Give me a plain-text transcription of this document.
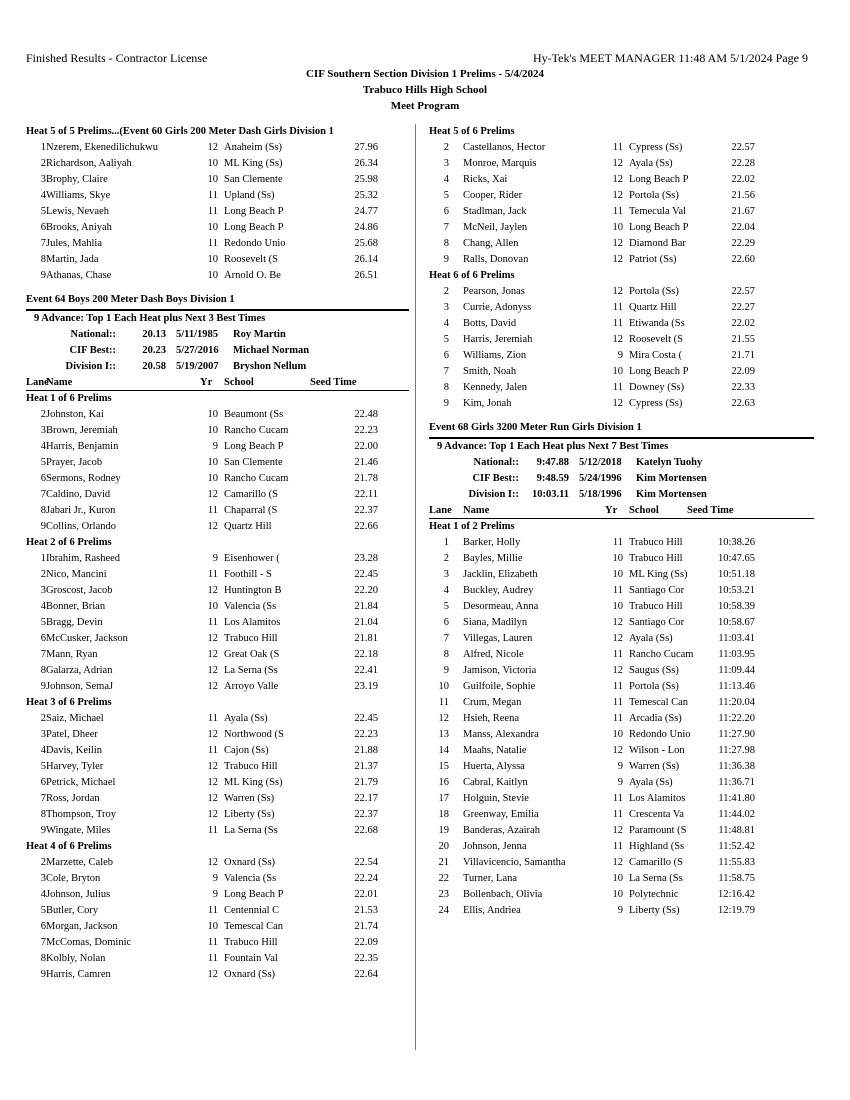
Finished Results - Contractor License	Hy-Tek's MEET MANAGER 11:48 AM 5/1/2024 Page 9
CIF Southern Section Division 1 Prelims - 5/4/2024
Trabuco Hills High School
Meet Program
Heat 5 of 5 Prelims...(Event 60 Girls 200 Meter Dash Girls Division 1
1 Nzerem, Ekenedilichukwu	12 Anaheim (Ss)	27.96
2 Richardson, Aaliyah	10 ML King (Ss)	26.34
3 Brophy, Claire	10 San Clemente	25.98
4 Williams, Skye	11 Upland (Ss)	25.32
5 Lewis, Nevaeh	11 Long Beach P	24.77
6 Brooks, Aniyah	10 Long Beach P	24.86
7 Jules, Mahlia	11 Redondo Unio	25.68
8 Martin, Jada	10 Roosevelt (S	26.14
9 Athanas, Chase	10 Arnold O. Be	26.51
Event 64 Boys 200 Meter Dash Boys Division 1
9 Advance: Top 1 Each Heat plus Next 3 Best Times
National::	20.13 5/11/1985 Roy Martin
CIF Best::	20.23 5/27/2016 Michael Norman
Division I::	20.58 5/19/2007 Bryshon Nellum
Lane
Name	Yr School	Seed Time
Heat 1 of 6 Prelims
2 Johnston, Kai	10 Beaumont (Ss	22.48
3 Brown, Jeremiah	10 Rancho Cucam	22.23
4 Harris, Benjamin	9 Long Beach P	22.00
5 Prayer, Jacob	10 San Clemente	21.46
6 Sermons, Rodney	10 Rancho Cucam	21.78
7 Caldino, David	12 Camarillo (S	22.11
8 Jabari Jr., Kuron	11 Chaparral (S	22.37
9 Collins, Orlando	12 Quartz Hill	22.66
Heat 2 of 6 Prelims
1 Ibrahim, Rasheed	9 Eisenhower (	23.28
2 Nico, Mancini	11 Foothill - S	22.45
3 Groscost, Jacob	12 Huntington B	22.20
4 Bonner, Brian	10 Valencia (Ss	21.84
5 Bragg, Devin	11 Los Alamitos	21.04
6 McCusker, Jackson	12 Trabuco Hill	21.81
7 Mann, Ryan	12 Great Oak (S	22.18
8 Galarza, Adrian	12 La Serna (Ss	22.41
9 Johnson, SemaJ	12 Arroyo Valle	23.19
Heat 3 of 6 Prelims
2 Saiz, Michael	11 Ayala (Ss)	22.45
3 Patel, Dheer	12 Northwood (S	22.23
4 Davis, Keilin	11 Cajon (Ss)	21.88
5 Harvey, Tyler	12 Trabuco Hill	21.37
6 Petrick, Michael	12 ML King (Ss)	21.79
7 Ross, Jordan	12 Warren (Ss)	22.17
8 Thompson, Troy	12 Liberty (Ss)	22.37
9 Wingate, Miles	11 La Serna (Ss	22.68
Heat 4 of 6 Prelims
2 Marzette, Caleb	12 Oxnard (Ss)	22.54
3 Cole, Bryton	9 Valencia (Ss	22.24
4 Johnson, Julius	9 Long Beach P	22.01
5 Butler, Cory	11 Centennial C	21.53
6 Morgan, Jackson	10 Temescal Can	21.74
7 McComas, Dominic	11 Trabuco Hill	22.09
8 Kolbly, Nolan	11 Fountain Val	22.35
9 Harris, Camren	12 Oxnard (Ss)	22.64
Heat 5 of 6 Prelims
2 Castellanos, Hector	11 Cypress (Ss)	22.57
3 Monroe, Marquis	12 Ayala (Ss)	22.28
4 Ricks, Xai	12 Long Beach P	22.02
5 Cooper, Rider	12 Portola (Ss)	21.56
6 Stadlman, Jack	11 Temecula Val	21.67
7 McNeil, Jaylen	10 Long Beach P	22.04
8 Chang, Allen	12 Diamond Bar	22.29
9 Ralls, Donovan	12 Patriot (Ss)	22.60
Heat 6 of 6 Prelims
2 Pearson, Jonas	12 Portola (Ss)	22.57
3 Currie, Adonyss	11 Quartz Hill	22.27
4 Botts, David	11 Etiwanda (Ss	22.02
5 Harris, Jeremiah	12 Roosevelt (S	21.55
6 Williams, Zion	9 Mira Costa (	21.71
7 Smith, Noah	10 Long Beach P	22.09
8 Kennedy, Jalen	11 Downey (Ss)	22.33
9 Kim, Jonah	12 Cypress (Ss)	22.63
Event 68 Girls 3200 Meter Run Girls Division 1
9 Advance: Top 1 Each Heat plus Next 7 Best Times
National::	9:47.88 5/12/2018 Katelyn Tuohy
CIF Best::	9:48.59 5/24/1996 Kim Mortensen
Division I::	10:03.11 5/18/1996 Kim Mortensen
Lane Name	Yr School	Seed Time
Heat 1 of 2 Prelims
1 Barker, Holly	11 Trabuco Hill	10:38.26
2 Bayles, Millie	10 Trabuco Hill	10:47.65
3 Jacklin, Elizabeth	10 ML King (Ss)	10:51.18
4 Buckley, Audrey	11 Santiago Cor	10:53.21
5 Desormeau, Anna	10 Trabuco Hill	10:58.39
6 Siana, Madilyn	12 Santiago Cor	10:58.67
7 Villegas, Lauren	12 Ayala (Ss)	11:03.41
8 Alfred, Nicole	11 Rancho Cucam	11:03.95
9 Jamison, Victoria	12 Saugus (Ss)	11:09.44
10 Guilfoile, Sophie	11 Portola (Ss)	11:13.46
11 Crum, Megan	11 Temescal Can	11:20.04
12 Hsieh, Reena	11 Arcadia (Ss)	11:22.20
13 Manss, Alexandra	10 Redondo Unio	11:27.90
14 Maahs, Natalie	12 Wilson - Lon	11:27.98
15 Huerta, Alyssa	9 Warren (Ss)	11:36.38
16 Cabral, Kaitlyn	9 Ayala (Ss)	11:36.71
17 Holguin, Stevie	11 Los Alamitos	11:41.80
18 Greenway, Emilia	11 Crescenta Va	11:44.02
19 Banderas, Azairah	12 Paramount (S	11:48.81
20 Johnson, Jenna	11 Highland (Ss	11:52.42
21 Villavicencio, Samantha	12 Camarillo (S	11:55.83
22 Turner, Lana	10 La Serna (Ss	11:58.75
23 Bollenbach, Olivia	10 Polytechnic	12:16.42
24 Ellis, Andriea	9 Liberty (Ss)	12:19.79
